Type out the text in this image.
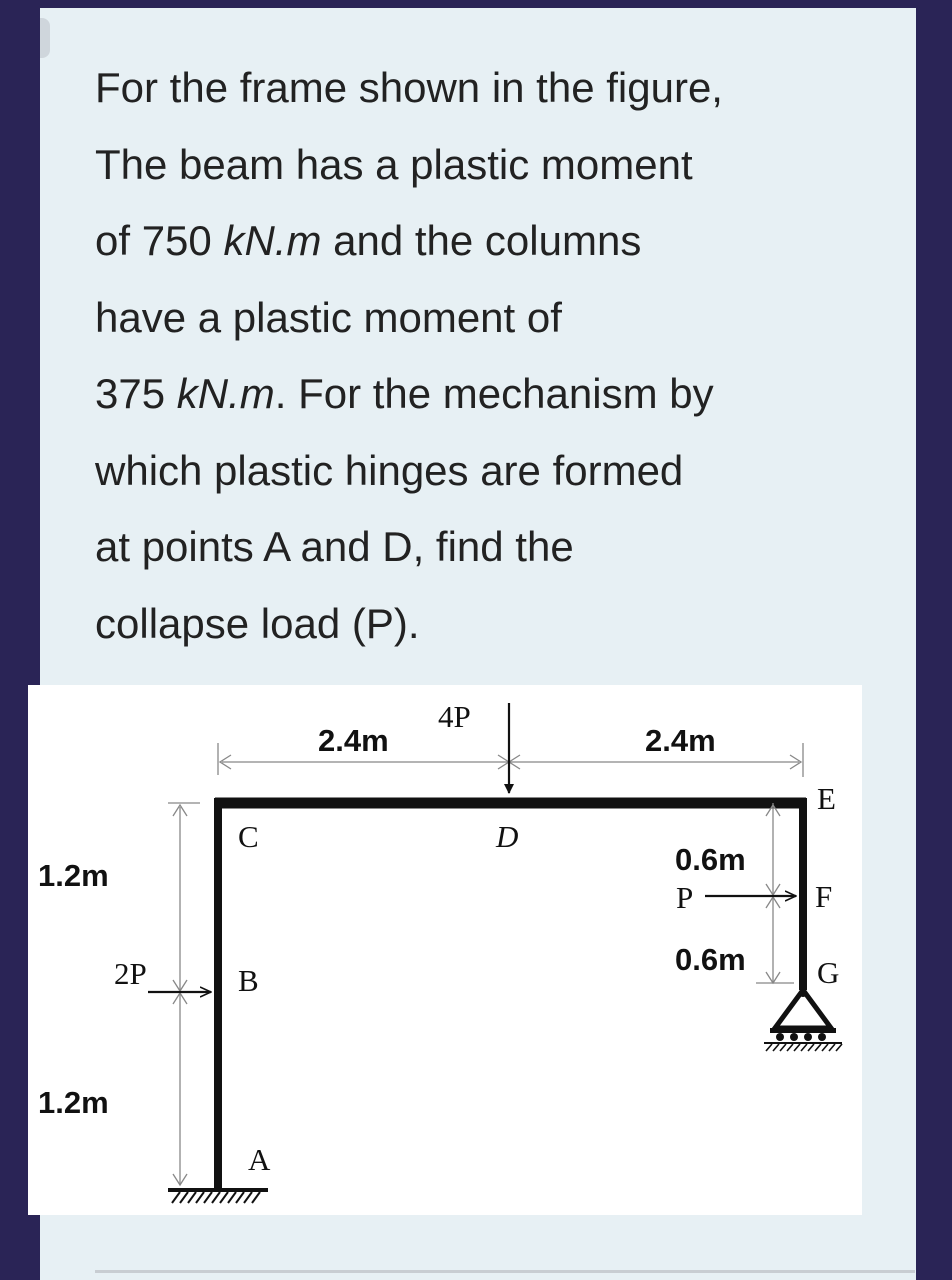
For the frame shown in the figure,

The beam has a plastic moment

of 750 kN.m and the columns

have a plastic moment of

375 kN.m. For the mechanism by

which plastic hinges are formed

at points A and D, find the

collapse load (P).

2.4m	2.4m
1.2m
1.2m
0.6m
0.6m
4P
2P
P
C	D
B
A
E
F
G
